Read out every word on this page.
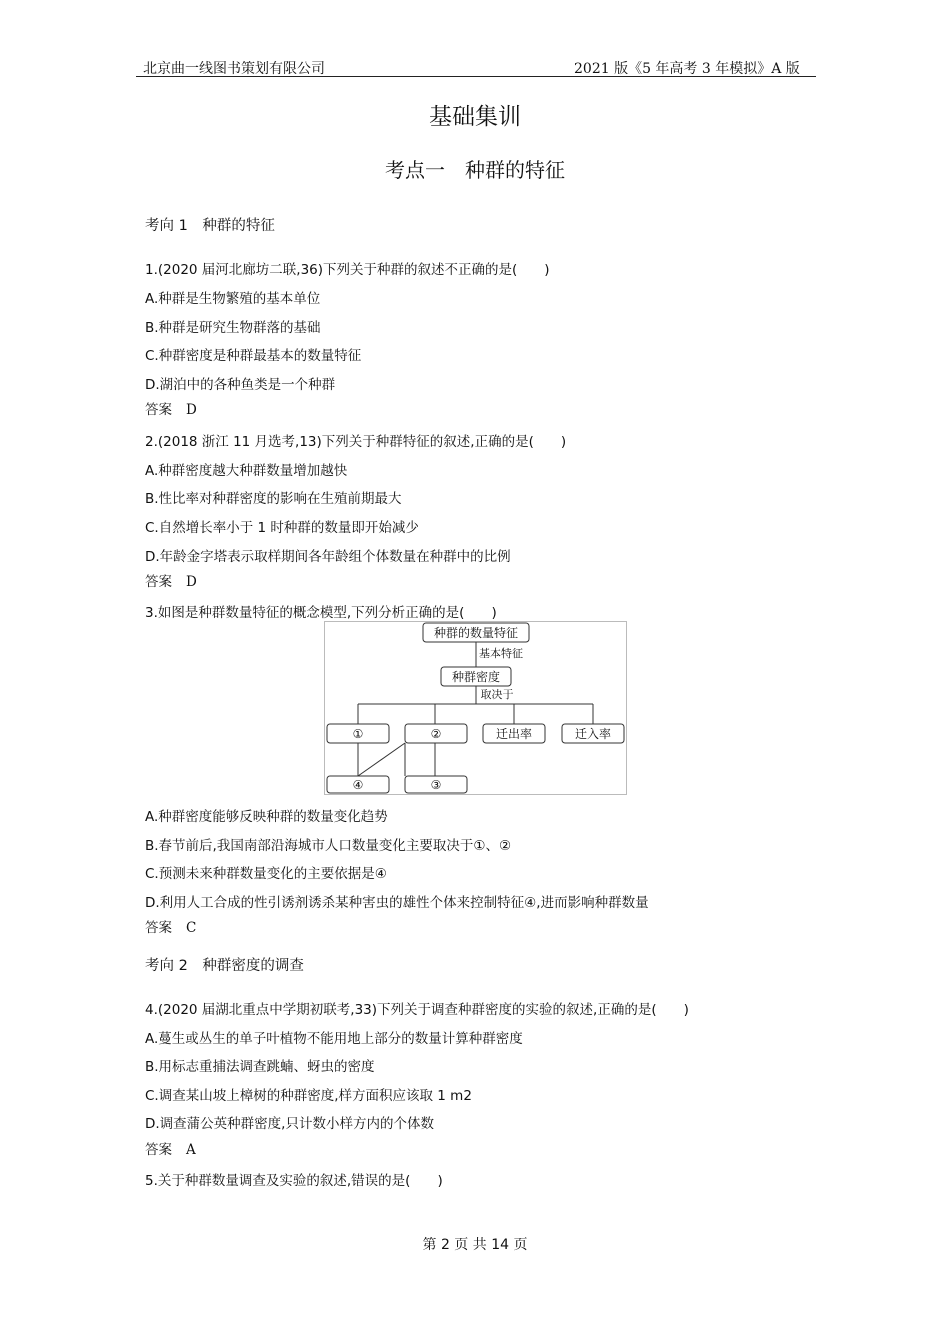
北京曲一线图书策划有限公司	2021 版《5 年高考 3 年模拟》A 版
基础集训
考点一　种群的特征
考向 1　种群的特征
1.(2020 届河北廊坊二联,36)下列关于种群的叙述不正确的是(　　)
A.种群是生物繁殖的基本单位
B.种群是研究生物群落的基础
C.种群密度是种群最基本的数量特征
D.湖泊中的各种鱼类是一个种群
答案 D
2.(2018 浙江 11 月选考,13)下列关于种群特征的叙述,正确的是(　　)
A.种群密度越大种群数量增加越快
B.性比率对种群密度的影响在生殖前期最大
C.自然增长率小于 1 时种群的数量即开始减少
D.年龄金字塔表示取样期间各年龄组个体数量在种群中的比例
答案 D
3.如图是种群数量特征的概念模型,下列分析正确的是(　　)
种群的数量特征
基本特征
种群密度
取决于
①	②	迁出率	迁入率
④	③
A.种群密度能够反映种群的数量变化趋势
B.春节前后,我国南部沿海城市人口数量变化主要取决于①、②
C.预测未来种群数量变化的主要依据是④
D.利用人工合成的性引诱剂诱杀某种害虫的雄性个体来控制特征④,进而影响种群数量
答案 C
考向 2　种群密度的调查
4.(2020 届湖北重点中学期初联考,33)下列关于调查种群密度的实验的叙述,正确的是(　　)
A.蔓生或丛生的单子叶植物不能用地上部分的数量计算种群密度
B.用标志重捕法调查跳蝻、蚜虫的密度
C.调查某山坡上樟树的种群密度,样方面积应该取 1 m2
D.调查蒲公英种群密度,只计数小样方内的个体数
答案 A
5.关于种群数量调查及实验的叙述,错误的是(　　)
第 2 页 共 14 页
